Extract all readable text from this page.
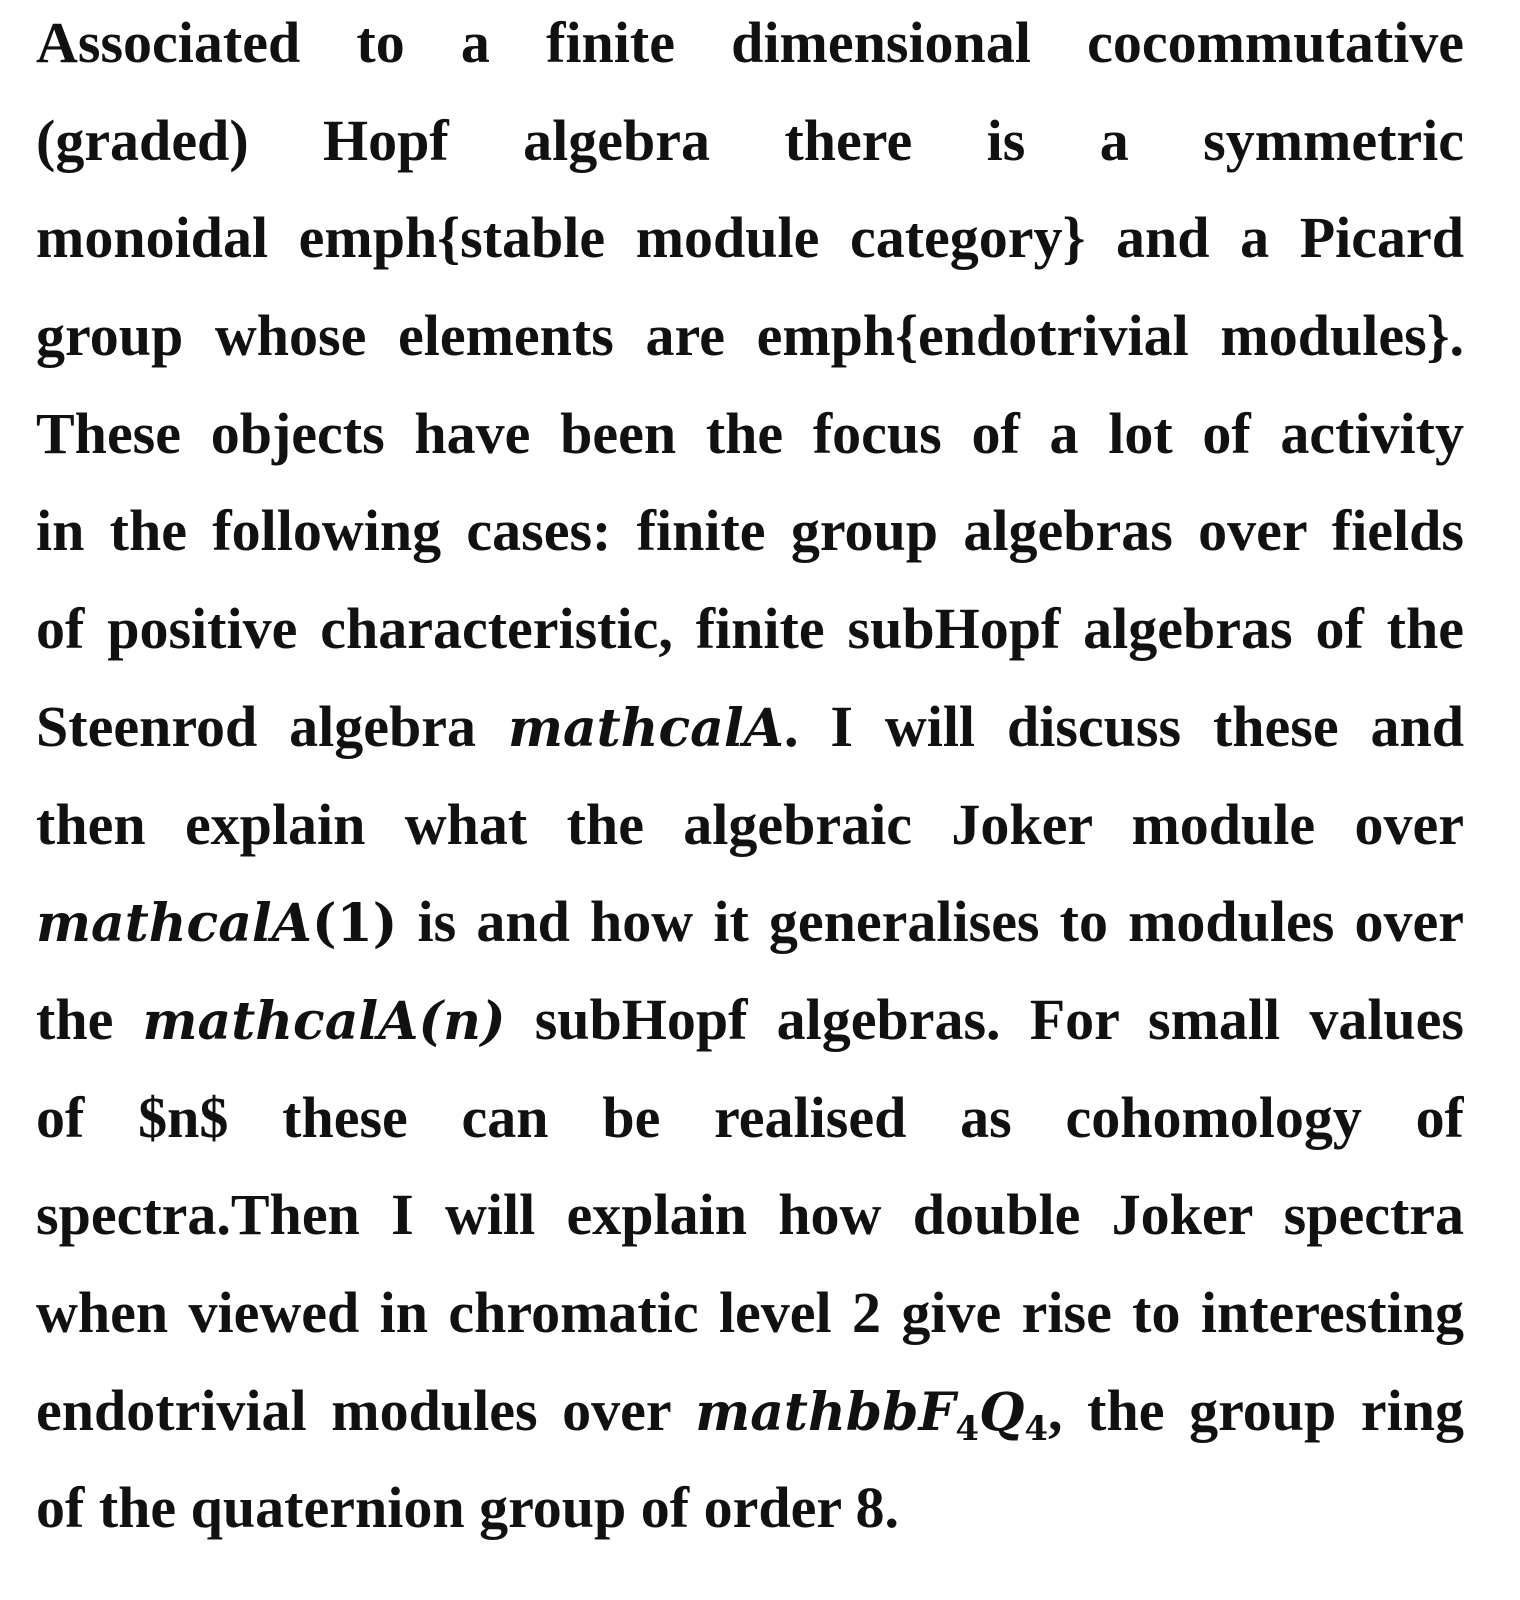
Associated to a finite dimensional cocommutative
(graded) Hopf algebra there is a symmetric
monoidal emph{stable module category} and a Picard
group whose elements are emph{endotrivial modules}.
These objects have been the focus of a lot of activity
in the following cases: finite group algebras over fields
of positive characteristic, finite subHopf algebras of the
Steenrod algebra mathcalA. I will discuss these and
then explain what the algebraic Joker module over
mathcalA(1) is and how it generalises to modules over
the mathcalA(n) subHopf algebras. For small values
of $n$ these can be realised as cohomology of
spectra.Then I will explain how double Joker spectra
when viewed in chromatic level 2 give rise to interesting
endotrivial modules over $mathbbF_4Q_4$, the group ring
of the quaternion group of order 8.
